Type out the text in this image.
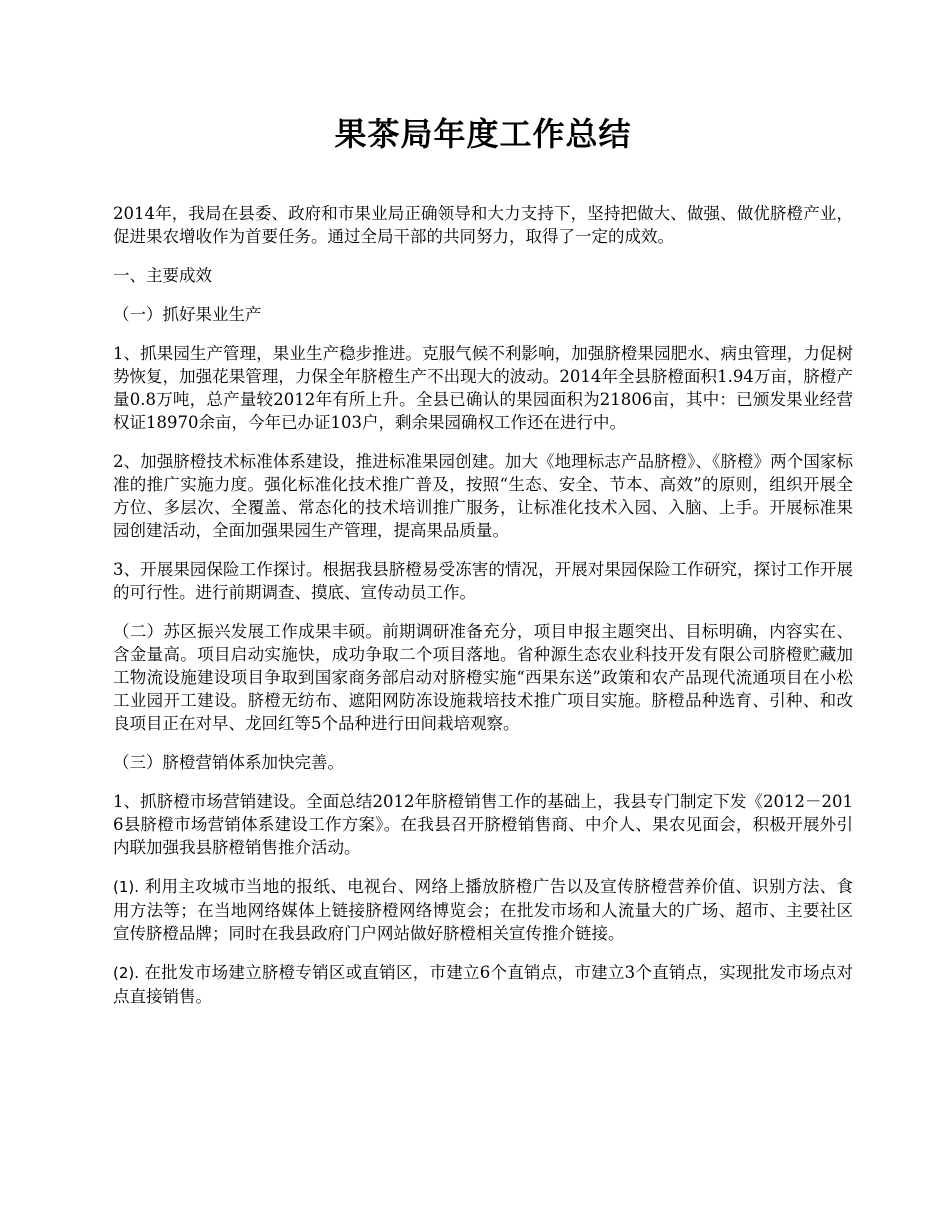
果茶局年度工作总结

2014年，我局在县委、政府和市果业局正确领导和大力支持下，坚持把做大、做强、做优脐橙产业，促进果农增收作为首要任务。通过全局干部的共同努力，取得了一定的成效。

一、主要成效

（一）抓好果业生产

1、抓果园生产管理，果业生产稳步推进。克服气候不利影响，加强脐橙果园肥水、病虫管理，力促树势恢复，加强花果管理，力保全年脐橙生产不出现大的波动。2014年全县脐橙面积1.94万亩，脐橙产量0.8万吨，总产量较2012年有所上升。全县已确认的果园面积为21806亩，其中：已颁发果业经营权证18970余亩，今年已办证103户，剩余果园确权工作还在进行中。

2、加强脐橙技术标准体系建设，推进标准果园创建。加大《地理标志产品脐橙》、《脐橙》两个国家标准的推广实施力度。强化标准化技术推广普及，按照“生态、安全、节本、高效”的原则，组织开展全方位、多层次、全覆盖、常态化的技术培训推广服务，让标准化技术入园、入脑、上手。开展标准果园创建活动，全面加强果园生产管理，提高果品质量。

3、开展果园保险工作探讨。根据我县脐橙易受冻害的情况，开展对果园保险工作研究，探讨工作开展的可行性。进行前期调查、摸底、宣传动员工作。

（二）苏区振兴发展工作成果丰硕。前期调研准备充分，项目申报主题突出、目标明确，内容实在、含金量高。项目启动实施快，成功争取二个项目落地。省种源生态农业科技开发有限公司脐橙贮藏加工物流设施建设项目争取到国家商务部启动对脐橙实施“西果东送”政策和农产品现代流通项目在小松工业园开工建设。脐橙无纺布、遮阳网防冻设施栽培技术推广项目实施。脐橙品种选育、引种、和改良项目正在对早、龙回红等5个品种进行田间栽培观察。

（三）脐橙营销体系加快完善。

1、抓脐橙市场营销建设。全面总结2012年脐橙销售工作的基础上，我县专门制定下发《2012－2016县脐橙市场营销体系建设工作方案》。在我县召开脐橙销售商、中介人、果农见面会，积极开展外引内联加强我县脐橙销售推介活动。

(1). 利用主攻城市当地的报纸、电视台、网络上播放脐橙广告以及宣传脐橙营养价值、识别方法、食用方法等；在当地网络媒体上链接脐橙网络博览会；在批发市场和人流量大的广场、超市、主要社区宣传脐橙品牌；同时在我县政府门户网站做好脐橙相关宣传推介链接。

(2). 在批发市场建立脐橙专销区或直销区，市建立6个直销点，市建立3个直销点，实现批发市场点对点直接销售。
